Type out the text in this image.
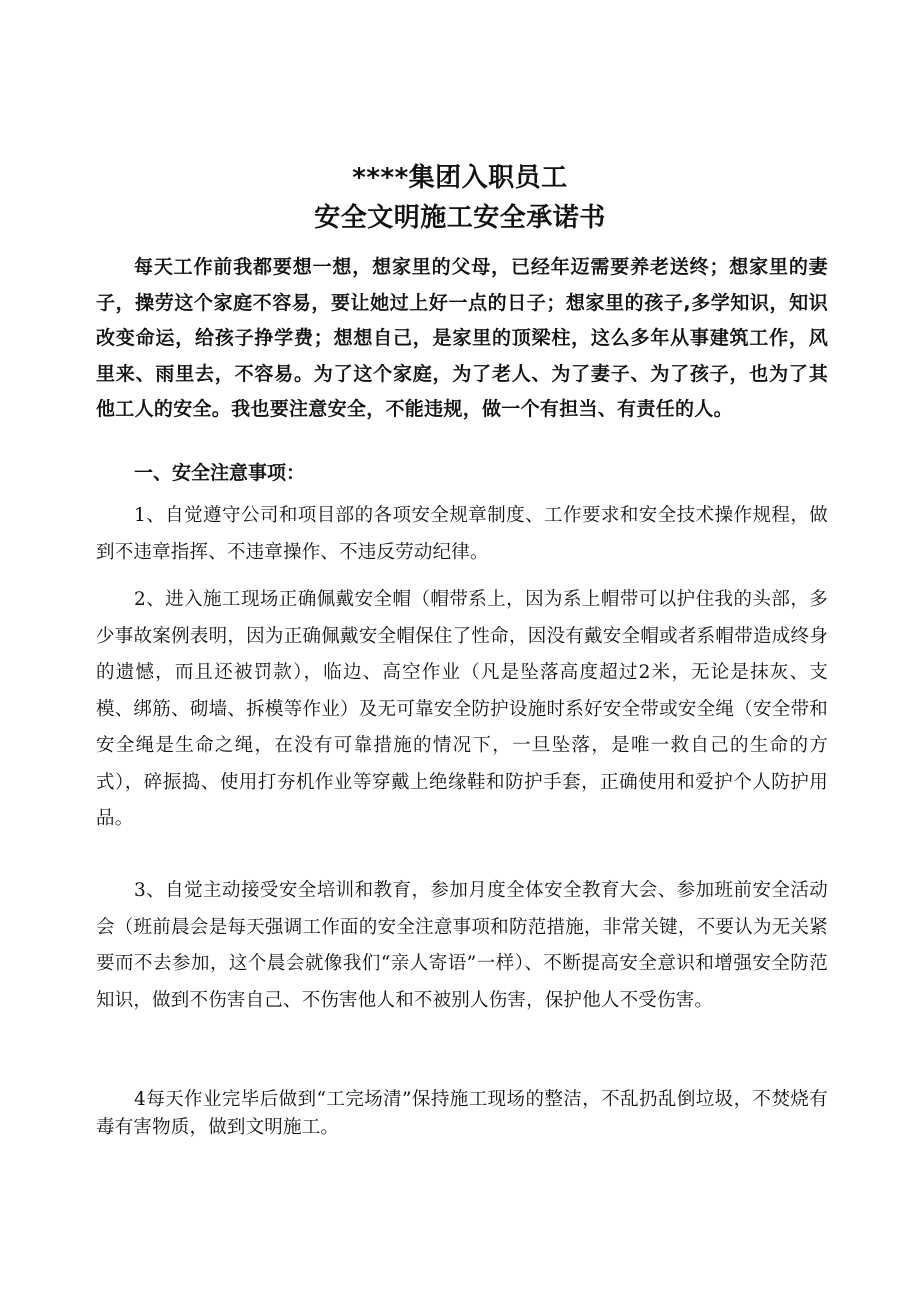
****集团入职员工
安全文明施工安全承诺书

每天工作前我都要想一想，想家里的父母，已经年迈需要养老送终；想家里的妻子，操劳这个家庭不容易，要让她过上好一点的日子；想家里的孩子,多学知识，知识改变命运，给孩子挣学费；想想自己，是家里的顶梁柱，这么多年从事建筑工作，风里来、雨里去，不容易。为了这个家庭，为了老人、为了妻子、为了孩子，也为了其他工人的安全。我也要注意安全，不能违规，做一个有担当、有责任的人。

一、安全注意事项：

1、自觉遵守公司和项目部的各项安全规章制度、工作要求和安全技术操作规程，做到不违章指挥、不违章操作、不违反劳动纪律。

2、进入施工现场正确佩戴安全帽（帽带系上，因为系上帽带可以护住我的头部，多少事故案例表明，因为正确佩戴安全帽保住了性命，因没有戴安全帽或者系帽带造成终身的遗憾，而且还被罚款），临边、高空作业（凡是坠落高度超过2米，无论是抹灰、支模、绑筋、砌墙、拆模等作业）及无可靠安全防护设施时系好安全带或安全绳（安全带和安全绳是生命之绳，在没有可靠措施的情况下，一旦坠落，是唯一救自己的生命的方式），碎振捣、使用打夯机作业等穿戴上绝缘鞋和防护手套，正确使用和爱护个人防护用品。

3、自觉主动接受安全培训和教育，参加月度全体安全教育大会、参加班前安全活动会（班前晨会是每天强调工作面的安全注意事项和防范措施，非常关键，不要认为无关紧要而不去参加，这个晨会就像我们“亲人寄语”一样）、不断提高安全意识和增强安全防范知识，做到不伤害自己、不伤害他人和不被别人伤害，保护他人不受伤害。

4每天作业完毕后做到“工完场清”保持施工现场的整洁，不乱扔乱倒垃圾，不焚烧有毒有害物质，做到文明施工。
